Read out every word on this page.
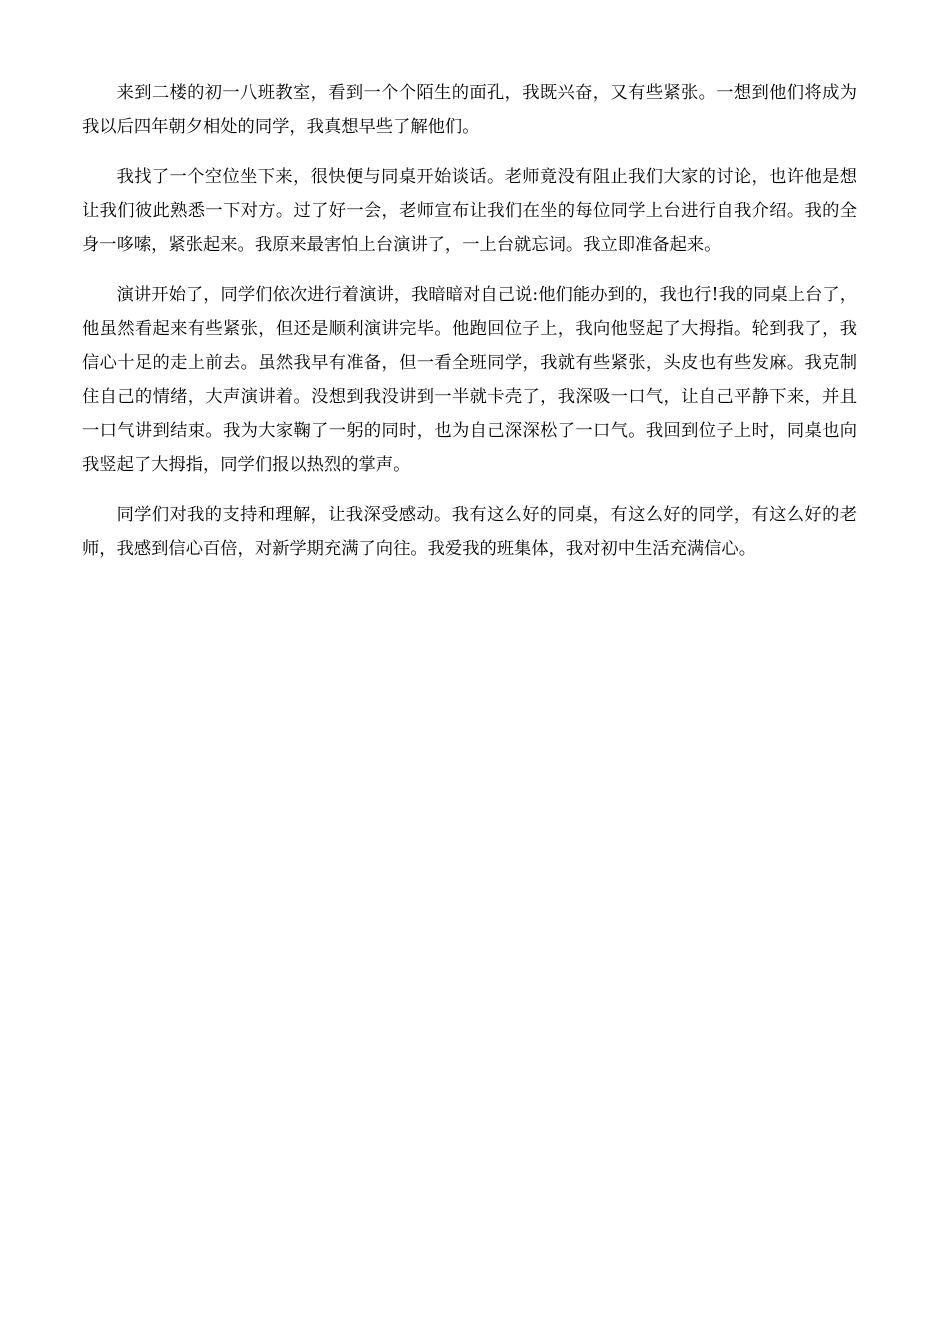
来到二楼的初一八班教室，看到一个个陌生的面孔，我既兴奋，又有些紧张。一想到他们将成为我以后四年朝夕相处的同学，我真想早些了解他们。

我找了一个空位坐下来，很快便与同桌开始谈话。老师竟没有阻止我们大家的讨论，也许他是想让我们彼此熟悉一下对方。过了好一会，老师宣布让我们在坐的每位同学上台进行自我介绍。我的全身一哆嗦，紧张起来。我原来最害怕上台演讲了，一上台就忘词。我立即准备起来。

演讲开始了，同学们依次进行着演讲，我暗暗对自己说:他们能办到的，我也行!我的同桌上台了，他虽然看起来有些紧张，但还是顺利演讲完毕。他跑回位子上，我向他竖起了大拇指。轮到我了，我信心十足的走上前去。虽然我早有准备，但一看全班同学，我就有些紧张，头皮也有些发麻。我克制住自己的情绪，大声演讲着。没想到我没讲到一半就卡壳了，我深吸一口气，让自己平静下来，并且一口气讲到结束。我为大家鞠了一躬的同时，也为自己深深松了一口气。我回到位子上时，同桌也向我竖起了大拇指，同学们报以热烈的掌声。

同学们对我的支持和理解，让我深受感动。我有这么好的同桌，有这么好的同学，有这么好的老师，我感到信心百倍，对新学期充满了向往。我爱我的班集体，我对初中生活充满信心。
